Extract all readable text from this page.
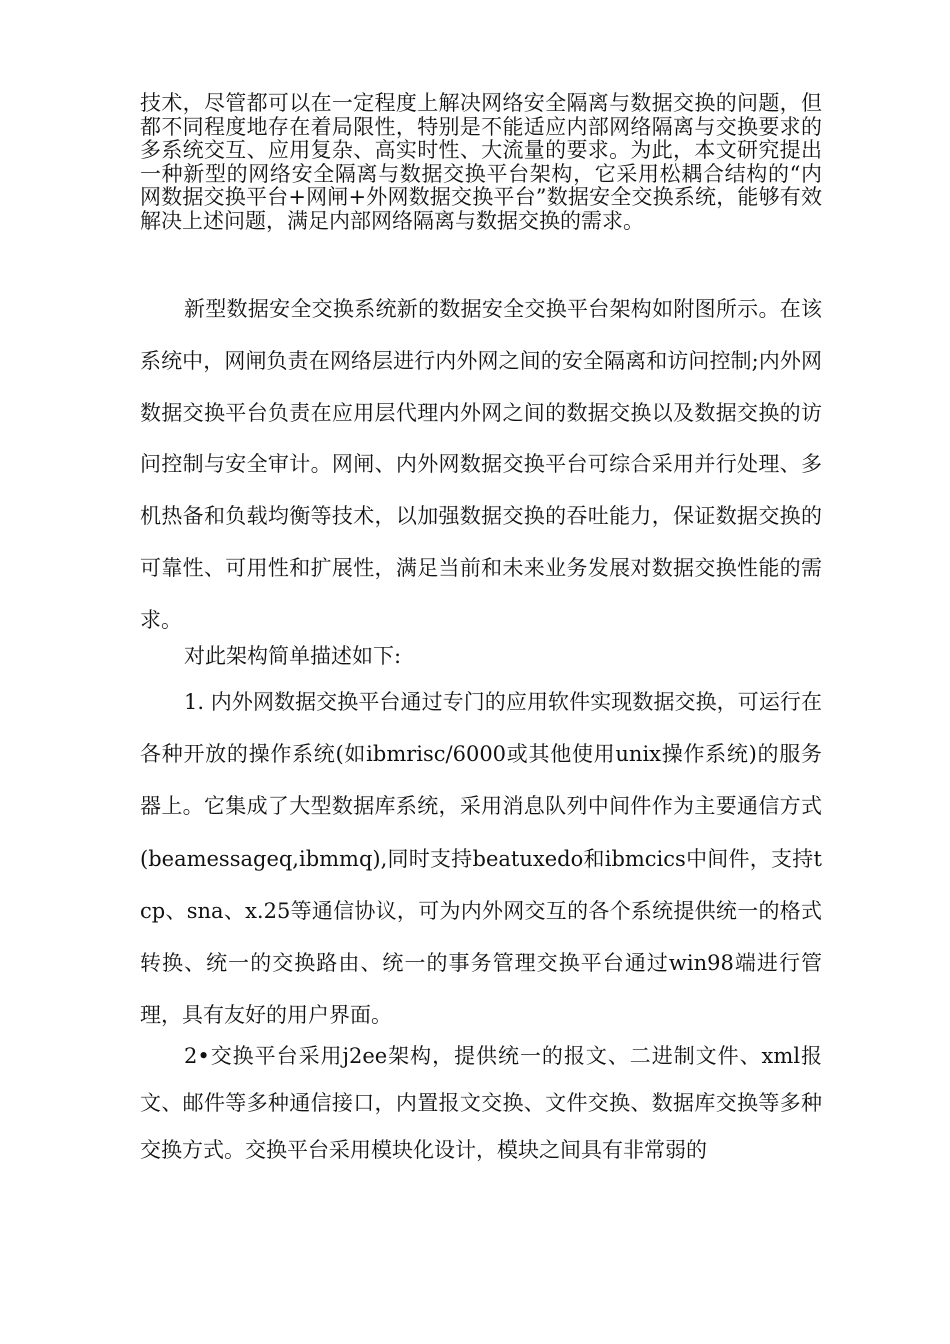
技术，尽管都可以在一定程度上解决网络安全隔离与数据交换的问题，但都不同程度地存在着局限性，特别是不能适应内部网络隔离与交换要求的多系统交互、应用复杂、高实时性、大流量的要求。为此，本文研究提出一种新型的网络安全隔离与数据交换平台架构，它采用松耦合结构的“内网数据交换平台+网闸+外网数据交换平台”数据安全交换系统，能够有效解决上述问题，满足内部网络隔离与数据交换的需求。

新型数据安全交换系统新的数据安全交换平台架构如附图所示。在该系统中，网闸负责在网络层进行内外网之间的安全隔离和访问控制;内外网数据交换平台负责在应用层代理内外网之间的数据交换以及数据交换的访问控制与安全审计。网闸、内外网数据交换平台可综合采用并行处理、多机热备和负载均衡等技术，以加强数据交换的吞吐能力，保证数据交换的可靠性、可用性和扩展性，满足当前和未来业务发展对数据交换性能的需求。

对此架构简单描述如下:

1. 内外网数据交换平台通过专门的应用软件实现数据交换，可运行在各种开放的操作系统(如ibmrisc/6000或其他使用unix操作系统)的服务器上。它集成了大型数据库系统，采用消息队列中间件作为主要通信方式(beamessageq,ibmmq),同时支持beatuxedo和ibmcics中间件，支持tcp、sna、x.25等通信协议，可为内外网交互的各个系统提供统一的格式转换、统一的交换路由、统一的事务管理交换平台通过win98端进行管理，具有友好的用户界面。

2•交换平台采用j2ee架构，提供统一的报文、二进制文件、xml报文、邮件等多种通信接口，内置报文交换、文件交换、数据库交换等多种交换方式。交换平台采用模块化设计，模块之间具有非常弱的
